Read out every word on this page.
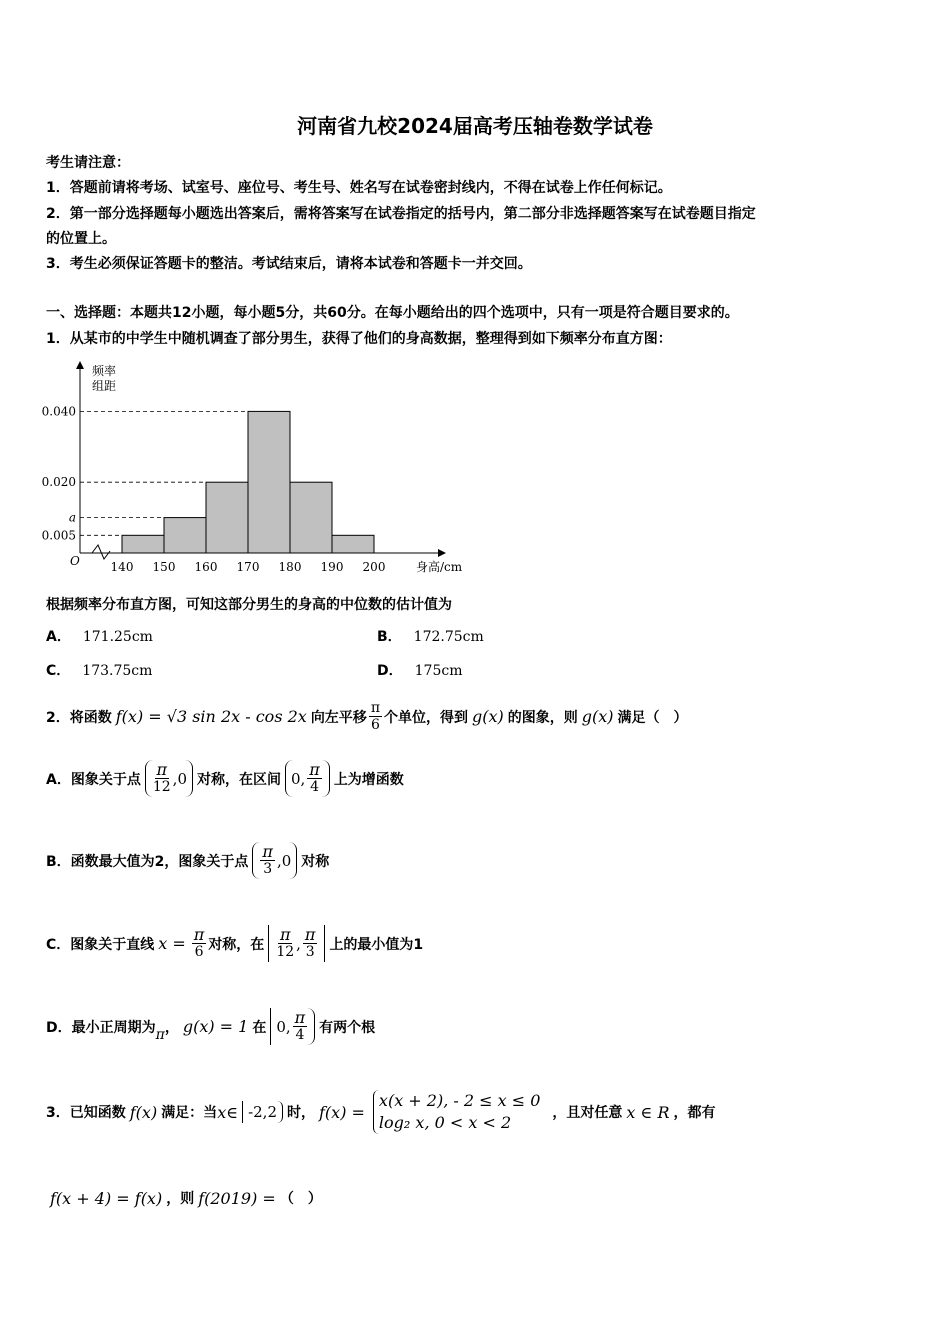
河南省九校2024届高考压轴卷数学试卷
考生请注意：
1．答题前请将考场、试室号、座位号、考生号、姓名写在试卷密封线内，不得在试卷上作任何标记。
2．第一部分选择题每小题选出答案后，需将答案写在试卷指定的括号内，第二部分非选择题答案写在试卷题目指定
的位置上。
3．考生必须保证答题卡的整洁。考试结束后，请将本试卷和答题卡一并交回。
一、选择题：本题共12小题，每小题5分，共60分。在每小题给出的四个选项中，只有一项是符合题目要求的。
1．从某市的中学生中随机调查了部分男生，获得了他们的身高数据，整理得到如下频率分布直方图：
0.005
a
0.020
0.040
140 150 160 170 180 190 200
频率
组距
身高/cm
O
根据频率分布直方图，可知这部分男生的身高的中位数的估计值为
A． 171.25cm	B． 172.75cm
C． 173.75cm	D． 175cm
2．将函数 f(x) = √3 sin 2x - cos 2x 向左平移 $\frac{\pi}{6}$ 个单位，得到 g(x) 的图象，则 g(x) 满足（　）
A． 图象关于点 $\frac{\pi}{12} ,0$ 对称，在区间 0, $\frac{\pi}{4}$ 上为增函数
B． 函数最大值为2，图象关于点 $\frac{\pi}{3} ,0$ 对称
C． 图象关于直线 $x = \frac{\pi}{6}$ 对称，在 $\frac{\pi}{12}$ , $\frac{\pi}{3}$ 上的最小值为1
D． 最小正周期为 π ， g(x) = 1 在 0, $\frac{\pi}{4}$ 有两个根
3．已知函数 f(x) 满足：当 x∈ -2,2 时， f(x) =
x(x + 2), - 2 ≤ x ≤ 0
log₂ x, 0 < x < 2	，且对任意 x ∈ R ，都有
f(x + 4) = f(x) ，则 f(2019) = （　）
